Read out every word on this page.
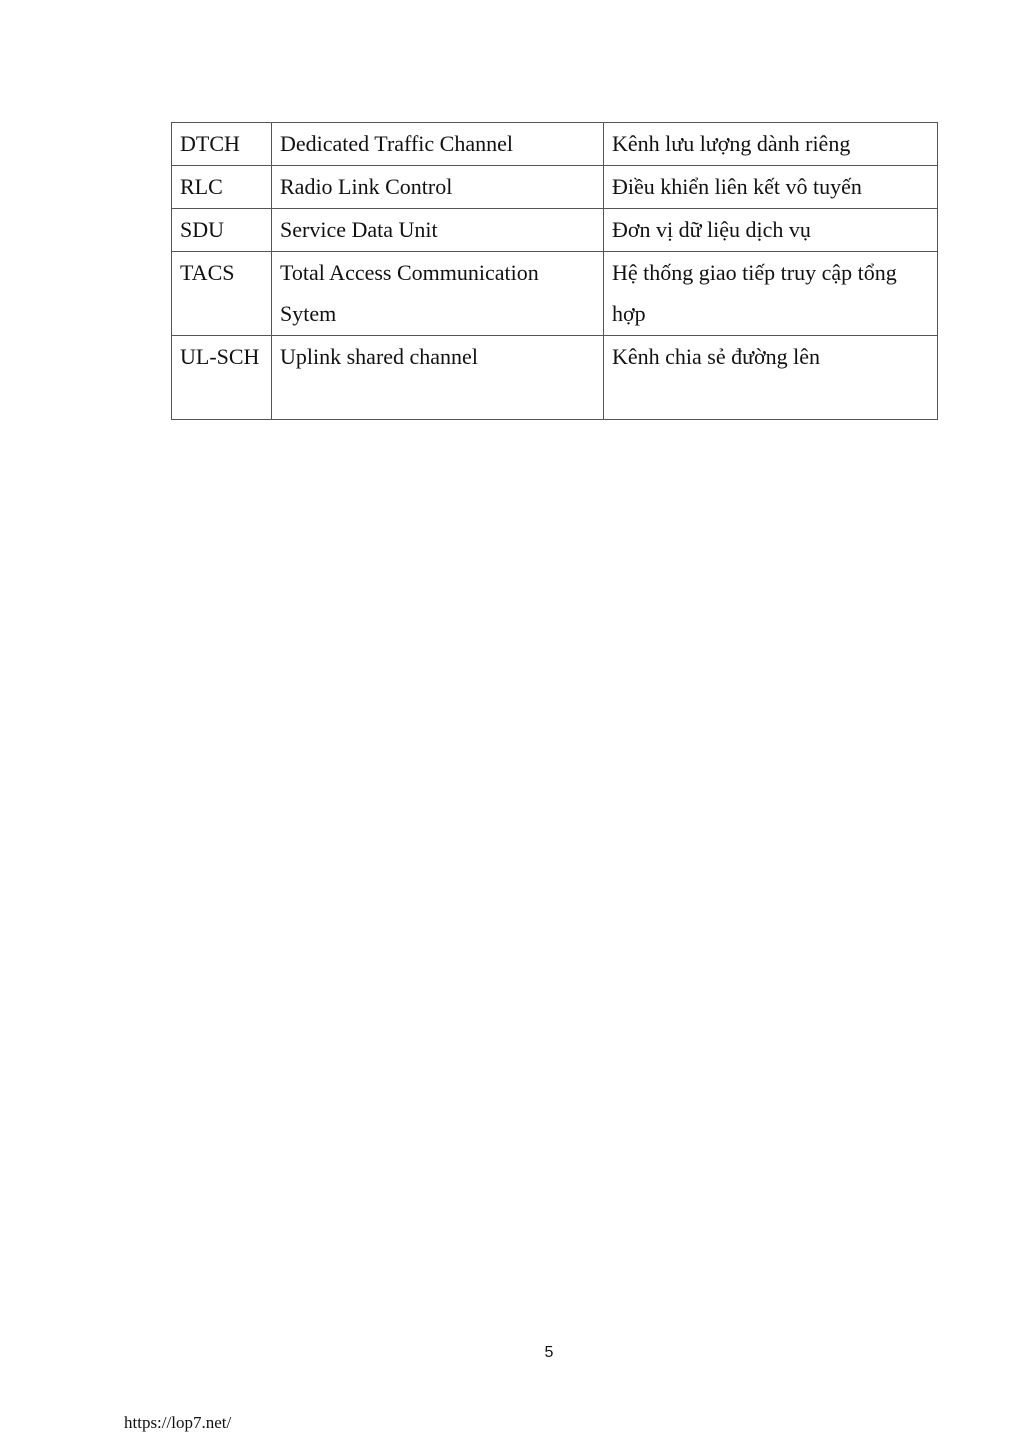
DTCH	Dedicated Traffic Channel	Kênh lưu lượng dành riêng
RLC	Radio Link Control	Điều khiển liên kết vô tuyến
SDU	Service Data Unit	Đơn vị dữ liệu dịch vụ
TACS	Total Access Communication Sytem	Hệ thống giao tiếp truy cập tổng hợp
UL-SCH	Uplink shared channel	Kênh chia sẻ đường lên
5
https://lop7.net/
